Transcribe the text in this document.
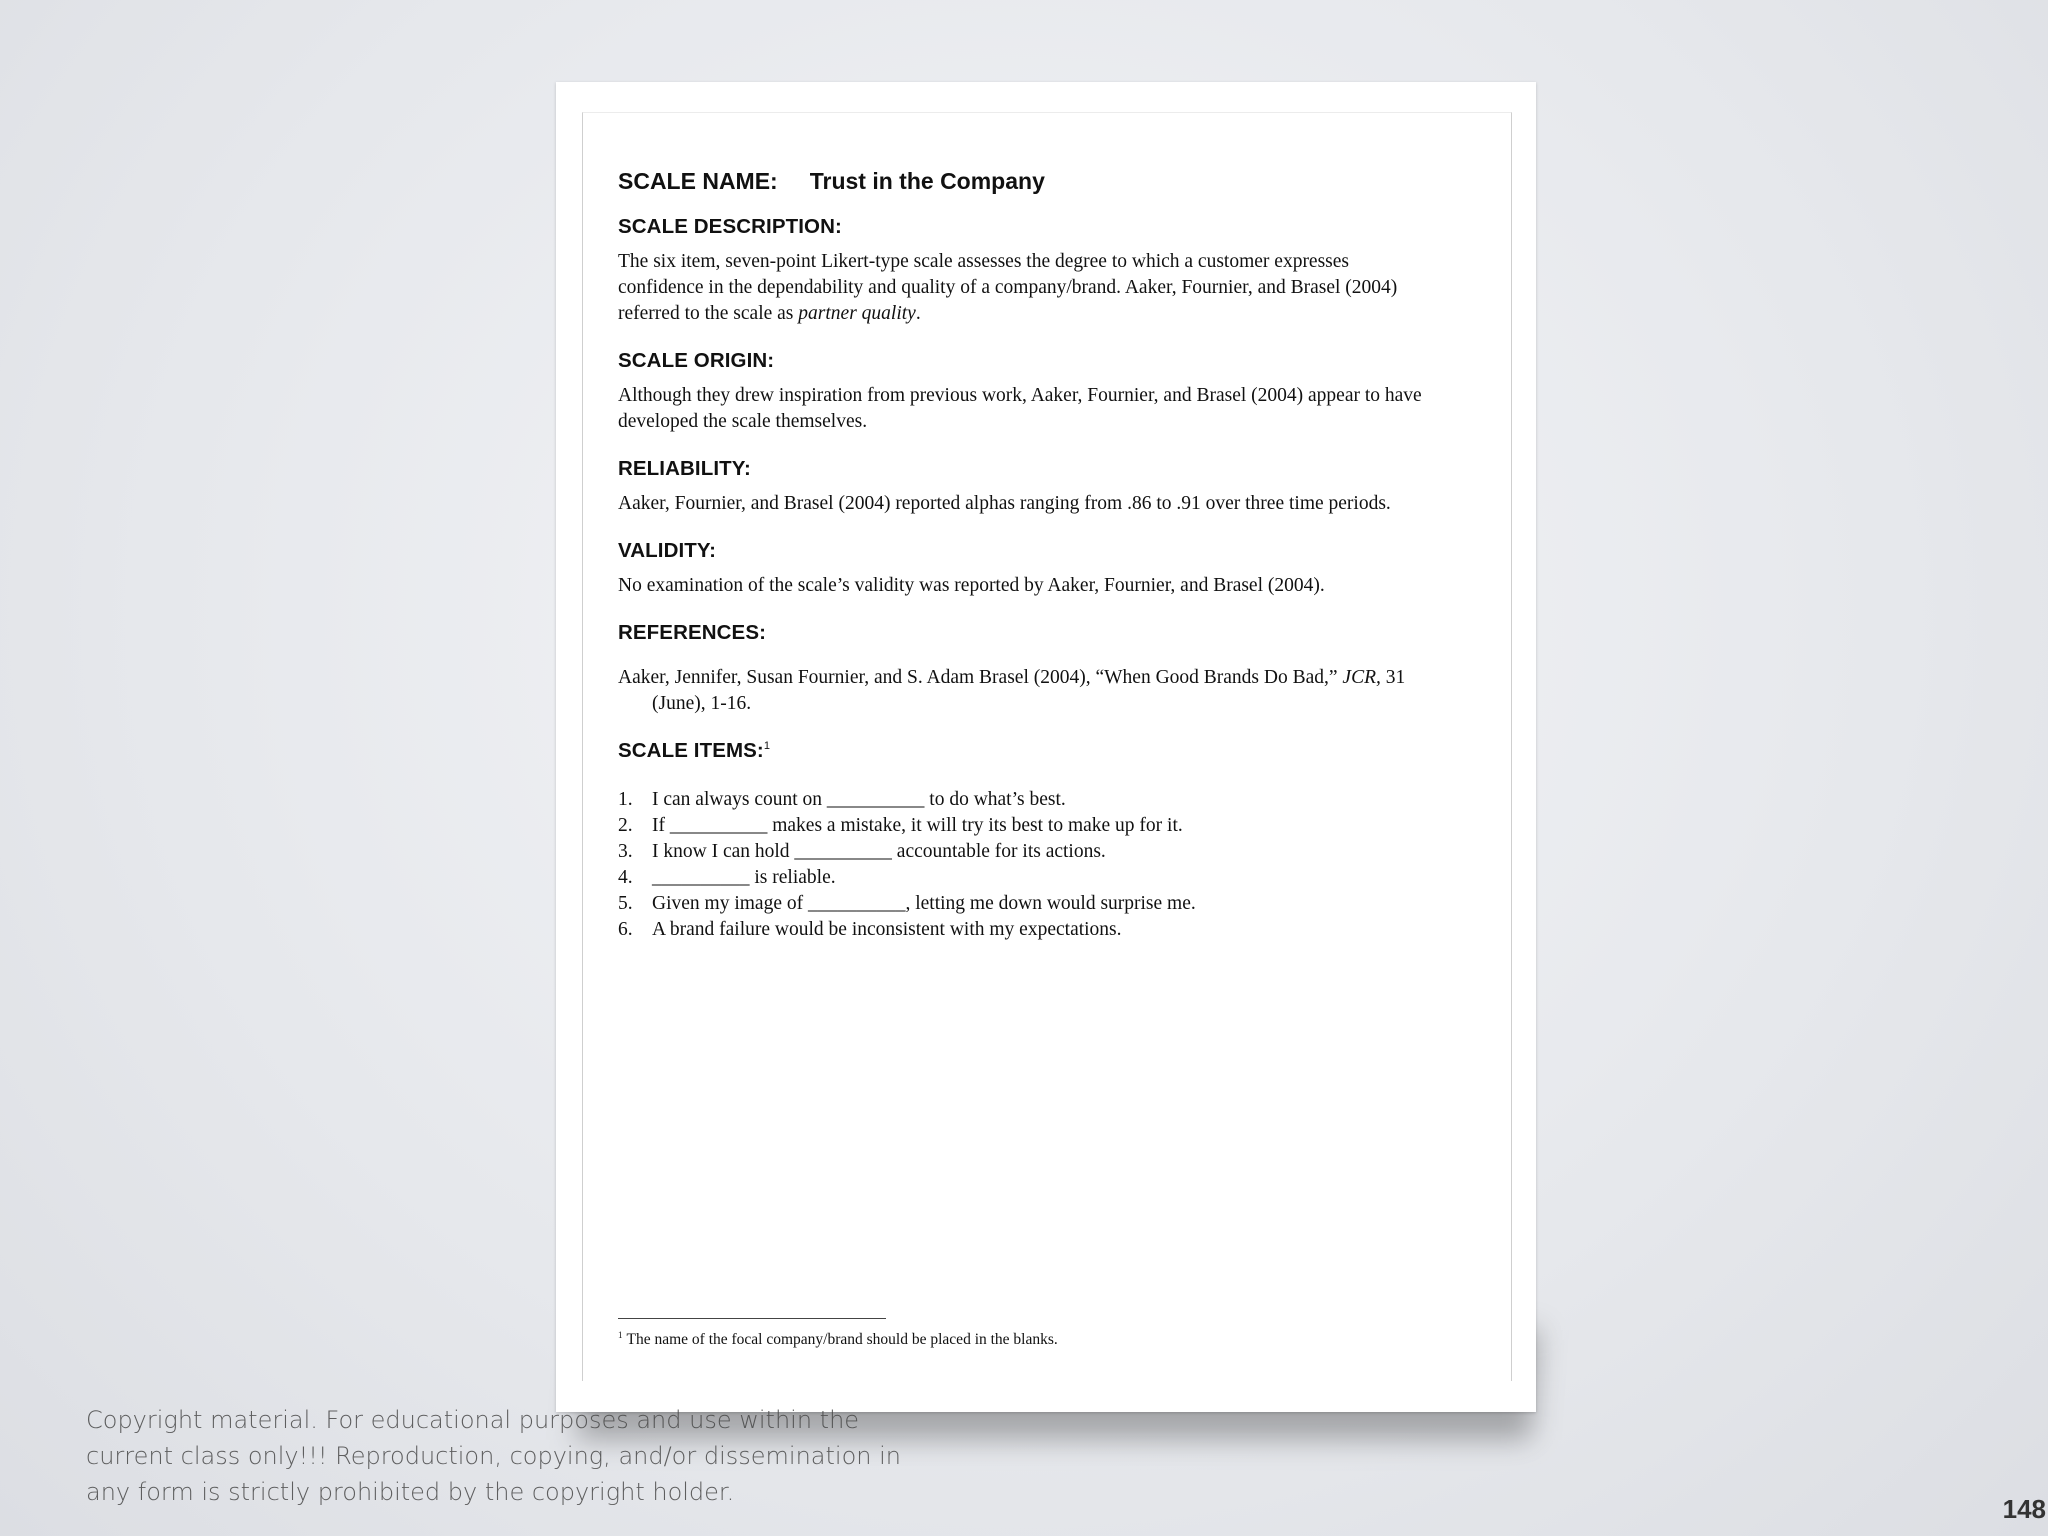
SCALE NAME: Trust in the Company
SCALE DESCRIPTION:
The six item, seven-point Likert-type scale assesses the degree to which a customer expresses confidence in the dependability and quality of a company/brand. Aaker, Fournier, and Brasel (2004) referred to the scale as partner quality.
SCALE ORIGIN:
Although they drew inspiration from previous work, Aaker, Fournier, and Brasel (2004) appear to have developed the scale themselves.
RELIABILITY:
Aaker, Fournier, and Brasel (2004) reported alphas ranging from .86 to .91 over three time periods.
VALIDITY:
No examination of the scale’s validity was reported by Aaker, Fournier, and Brasel (2004).
REFERENCES:
Aaker, Jennifer, Susan Fournier, and S. Adam Brasel (2004), “When Good Brands Do Bad,” JCR, 31 (June), 1-16.
SCALE ITEMS:$^1$
1. I can always count on __________ to do what’s best.
2. If __________ makes a mistake, it will try its best to make up for it.
3. I know I can hold __________ accountable for its actions.
4. __________ is reliable.
5. Given my image of __________, letting me down would surprise me.
6. A brand failure would be inconsistent with my expectations.
$^1$ The name of the focal company/brand should be placed in the blanks.
Copyright material. For educational purposes and use within the current class only!!! Reproduction, copying, and/or dissemination in any form is strictly prohibited by the copyright holder.
148
